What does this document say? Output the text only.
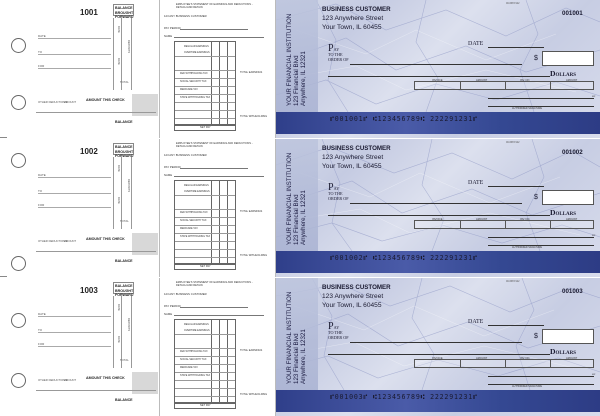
1001	BALANCE BROUGHT FORWARD
DATE
DEPOSITS
DATE
DATE
TO
FOR
OTHER DEDUCTIONS
AMOUNT
TOTAL
AMOUNT THIS CHECK
BALANCE
EMPLOYEE'S STATEMENT OF EARNINGS AND DEDUCTIONS - DETACH AND RETAIN
123 ANY BUSINESS CUSTOMER
PAY PERIOD
NAME
REGULAR EARNINGS
OVERTIME EARNINGS
FED WITHHOLDING TAX
SOCIAL SECURITY TAX
MEDICARE TAX
STATE WITHHOLDING TAX
TOTAL EARNINGS
TOTAL WITHHOLDING
NET PAY
YOUR FINANCIAL INSTITUTION 123 Financial Blvd Anywhere, IL 12321
BUSINESS CUSTOMER
123 Anywhere Street
Your Town, IL 60455
00-6687/122
001001
DATE
PAY
TO THE
ORDER OF	$
Dollars
INVOICE	AMOUNT	INV. NO.	AMOUNT
MP
AUTHORIZED SIGNATURE
⑈001001⑈ ⑆123456789⑆ 222291231⑈
1002	BALANCE BROUGHT FORWARD
DATE
DEPOSITS
DATE
DATE
TO
FOR
OTHER DEDUCTIONS
AMOUNT
TOTAL
AMOUNT THIS CHECK
BALANCE
EMPLOYEE'S STATEMENT OF EARNINGS AND DEDUCTIONS - DETACH AND RETAIN
123 ANY BUSINESS CUSTOMER
PAY PERIOD
NAME
REGULAR EARNINGS
OVERTIME EARNINGS
FED WITHHOLDING TAX
SOCIAL SECURITY TAX
MEDICARE TAX
STATE WITHHOLDING TAX
TOTAL EARNINGS
TOTAL WITHHOLDING
NET PAY
YOUR FINANCIAL INSTITUTION 123 Financial Blvd Anywhere, IL 12321
BUSINESS CUSTOMER
123 Anywhere Street
Your Town, IL 60455
00-6687/122
001002
DATE
PAY
TO THE
ORDER OF	$
Dollars
INVOICE	AMOUNT	INV. NO.	AMOUNT
MP
AUTHORIZED SIGNATURE
⑈001002⑈ ⑆123456789⑆ 222291231⑈
1003	BALANCE BROUGHT FORWARD
DATE
DEPOSITS
DATE
DATE
TO
FOR
OTHER DEDUCTIONS
AMOUNT
TOTAL
AMOUNT THIS CHECK
BALANCE
EMPLOYEE'S STATEMENT OF EARNINGS AND DEDUCTIONS - DETACH AND RETAIN
123 ANY BUSINESS CUSTOMER
PAY PERIOD
NAME
REGULAR EARNINGS
OVERTIME EARNINGS
FED WITHHOLDING TAX
SOCIAL SECURITY TAX
MEDICARE TAX
STATE WITHHOLDING TAX
TOTAL EARNINGS
TOTAL WITHHOLDING
NET PAY
YOUR FINANCIAL INSTITUTION 123 Financial Blvd Anywhere, IL 12321
BUSINESS CUSTOMER
123 Anywhere Street
Your Town, IL 60455
00-6687/122
001003
DATE
PAY
TO THE
ORDER OF	$
Dollars
INVOICE	AMOUNT	INV. NO.	AMOUNT
MP
AUTHORIZED SIGNATURE
⑈001003⑈ ⑆123456789⑆ 222291231⑈
